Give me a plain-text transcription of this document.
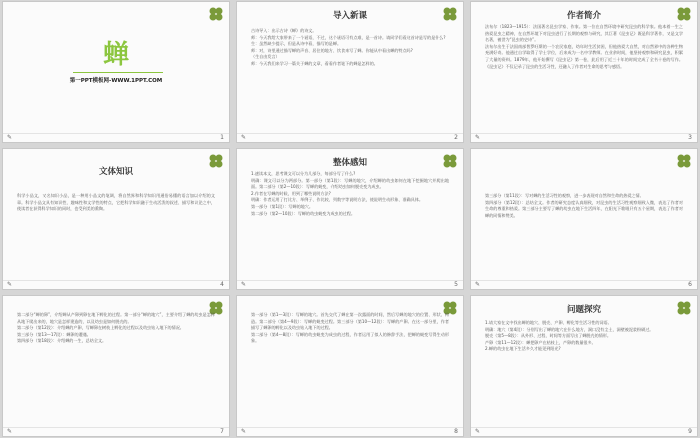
蝉
第一PPT模板网-WWW.1PPT.COM
✎	1
导入新课
古诗导入：出示古诗《蝉》的诗文。
师：今天我给大家带来了一个谜语，不过，这个谜语可有点难，是一首诗。请同学们看这首诗是写的是什么?
生：虽然缺少提示，但是从诗中看，描写的是蝉。
师：对，诗里通过描写蝉的声音、居住的地方、饮食来写了蝉。你能从中看出蝉的特点吗?
（生自由发言）
师：今天我们来学习一篇关于蝉的文章，看看作者笔下的蝉是怎样的。
✎	2
作者简介
法布尔（1823—1915）：法国著名昆虫学家、作家。第一位在自然环境中研究昆虫的科学家。他本着一生之热爱昆虫之精神，在自然环境下对昆虫进行了长期的观察与研究，其巨著《昆虫记》既是科学著作，又是文学名著，被誉为“昆虫的史诗”。
法布尔出生于法国南部普罗旺斯的一个农民家庭，幼年时生活贫困，但他热爱大自然，对自然界中的各种生物充满好奇。他通过自学取得了学士学位，后来成为一名中学教师。在业余时间，他坚持观察和研究昆虫，积累了大量的资料。1879年，他开始撰写《昆虫记》第一卷，此后用了近三十年的时间完成了全书十卷的写作。《昆虫记》不仅记录了昆虫的生活习性，还融入了作者对生命的思考与感悟。
✎	3
文体知识
科学小品文，又名知识小品，是一种用小品文的笔调，将自然界和科学知识用通俗易懂的语言加以介绍的文章。科学小品文具有知识性、趣味性和文学性的特点，它把科学知识融于生动活泼的叙述、描写和议论之中，使读者在获得科学知识的同时，也受到美的熏陶。
✎	4
整体感知
1.速读本文，思考课文可以分为几部分，每部分写了什么?
明确：课文可以分为两部分。第一部分（第1段）：写蝉的地穴，介绍蝉的幼虫如何在地下挖掘地穴并爬出地面。第二部分（第2—10段）：写蝉的蜕变，介绍幼虫如何脱壳变为成虫。
2.作者在写蝉的时候，用到了哪些说明方法?
明确：作者运用了打比方、举例子、作比较、列数字等说明方法，使说明生动形象、准确具体。
第一部分（第1段）：写蝉的地穴。
第二部分（第2—10段）：写蝉的幼虫蜕变为成虫的过程。
✎	5
第三部分（第11段）：写对蝉的生活习性的观察，进一步表现对自然和生命的热爱之情。
第四部分（第12段）：总结全文。作者的研究态度认真细致，对昆虫的生活习性观察细致入微，表达了作者对生命的尊重和热爱。第三部分主要写了蝉的幼虫在地下生活四年，在阳光下歌唱只有五个星期，表达了作者对蝉的同情和赞美。
✎	6
第二部分“蝉的卵”，介绍蝉从产卵到卵在地下孵化的过程。第一部分“蝉的地穴”，主要介绍了蝉的幼虫是怎样从地下爬出来的，地穴是怎样建造的，以及幼虫是如何脱壳的。
第二部分（第12段）：介绍蝉的产卵，写蝉卵在树枝上孵化的过程以及幼虫钻入地下的情况。
第三部分（第13—17段）：蝉卵的遭遇。
第四部分（第18段）：介绍蝉的一生，总结全文。
✎	7
第一部分（第1—3段）：写蝉的地穴。首先交代了蝉在第一次露面的时间，然后写蝉的地穴的位置、形状、构造。第二部分（第4—9段）：写蝉的蜕变过程。第三部分（第10—12段）：写蝉的产卵。在这一部分里，作者描写了蝉卵的孵化以及幼虫钻入地下的过程。
第二部分（第4—8段）：写蝉的幼虫蜕变为成虫的过程，作者运用了拟人的修辞手法，把蝉的蜕变写得生动形象。
✎	8
问题探究
1.请大家在文中找出蝉的地穴、脱壳、产卵、孵化等生活习性的词语。
明确：地穴（第4段）：分别写出了蝉的地穴在什么地方，洞口没有尘土，洞壁被泥浆粉刷过。
脱壳（第5—8段）：从外形、过程、时间等方面写出了蝉脱壳的情形。
产卵（第11—12段）：蝉把卵产在枯枝上，产卵的数量很多。
2.蝉的幼虫在地下生活多久才能见到阳光?
✎	9
